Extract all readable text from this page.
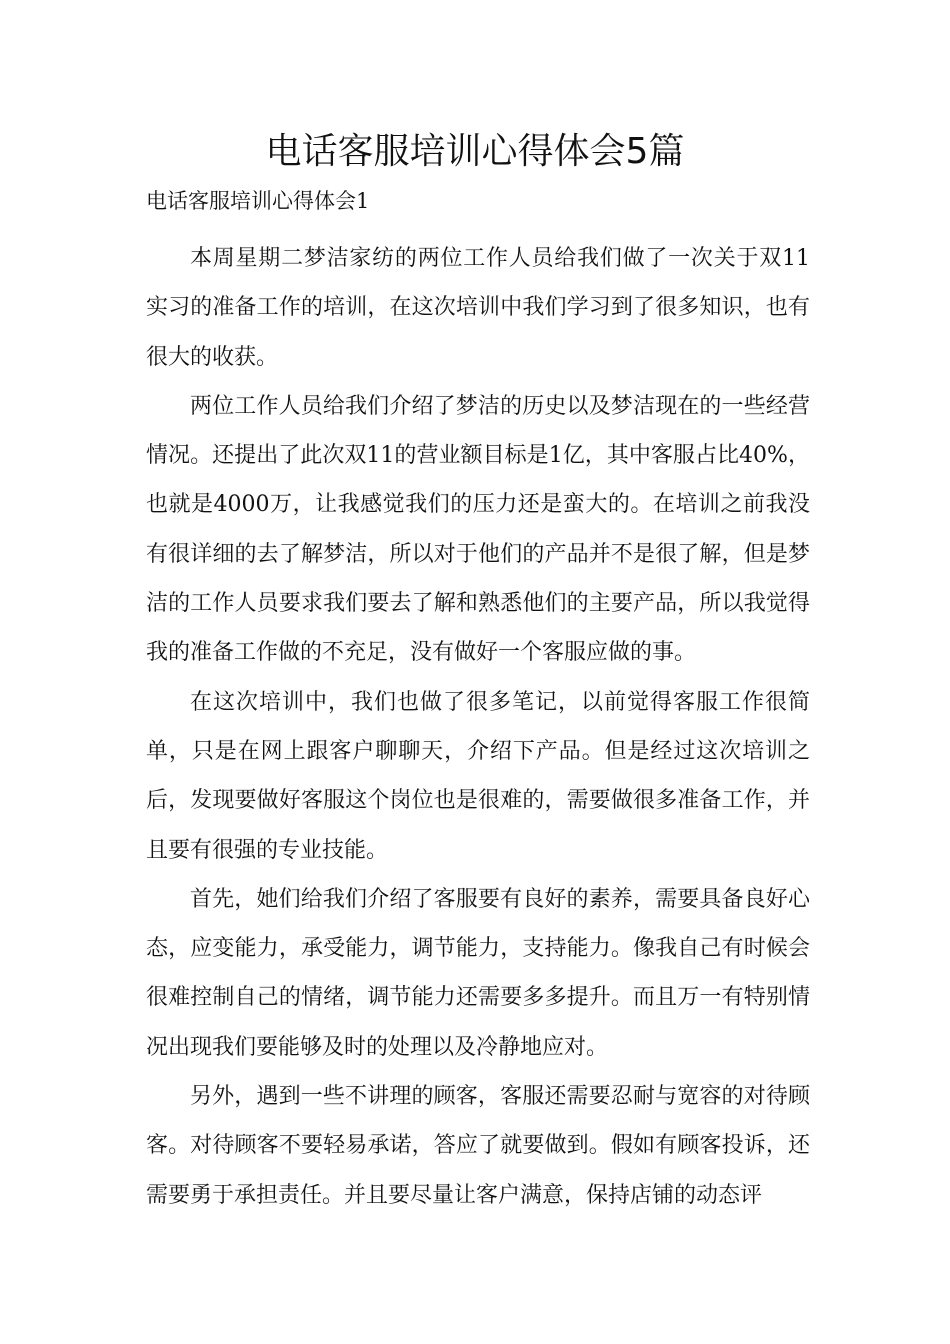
电话客服培训心得体会5篇
电话客服培训心得体会1

本周星期二梦洁家纺的两位工作人员给我们做了一次关于双11实习的准备工作的培训，在这次培训中我们学习到了很多知识，也有很大的收获。

两位工作人员给我们介绍了梦洁的历史以及梦洁现在的一些经营情况。还提出了此次双11的营业额目标是1亿，其中客服占比40%，也就是4000万，让我感觉我们的压力还是蛮大的。在培训之前我没有很详细的去了解梦洁，所以对于他们的产品并不是很了解，但是梦洁的工作人员要求我们要去了解和熟悉他们的主要产品，所以我觉得我的准备工作做的不充足，没有做好一个客服应做的事。

在这次培训中，我们也做了很多笔记，以前觉得客服工作很简单，只是在网上跟客户聊聊天，介绍下产品。但是经过这次培训之后，发现要做好客服这个岗位也是很难的，需要做很多准备工作，并且要有很强的专业技能。

首先，她们给我们介绍了客服要有良好的素养，需要具备良好心态，应变能力，承受能力，调节能力，支持能力。像我自己有时候会很难控制自己的情绪，调节能力还需要多多提升。而且万一有特别情况出现我们要能够及时的处理以及冷静地应对。

另外，遇到一些不讲理的顾客，客服还需要忍耐与宽容的对待顾客。对待顾客不要轻易承诺，答应了就要做到。假如有顾客投诉，还需要勇于承担责任。并且要尽量让客户满意，保持店铺的动态评
